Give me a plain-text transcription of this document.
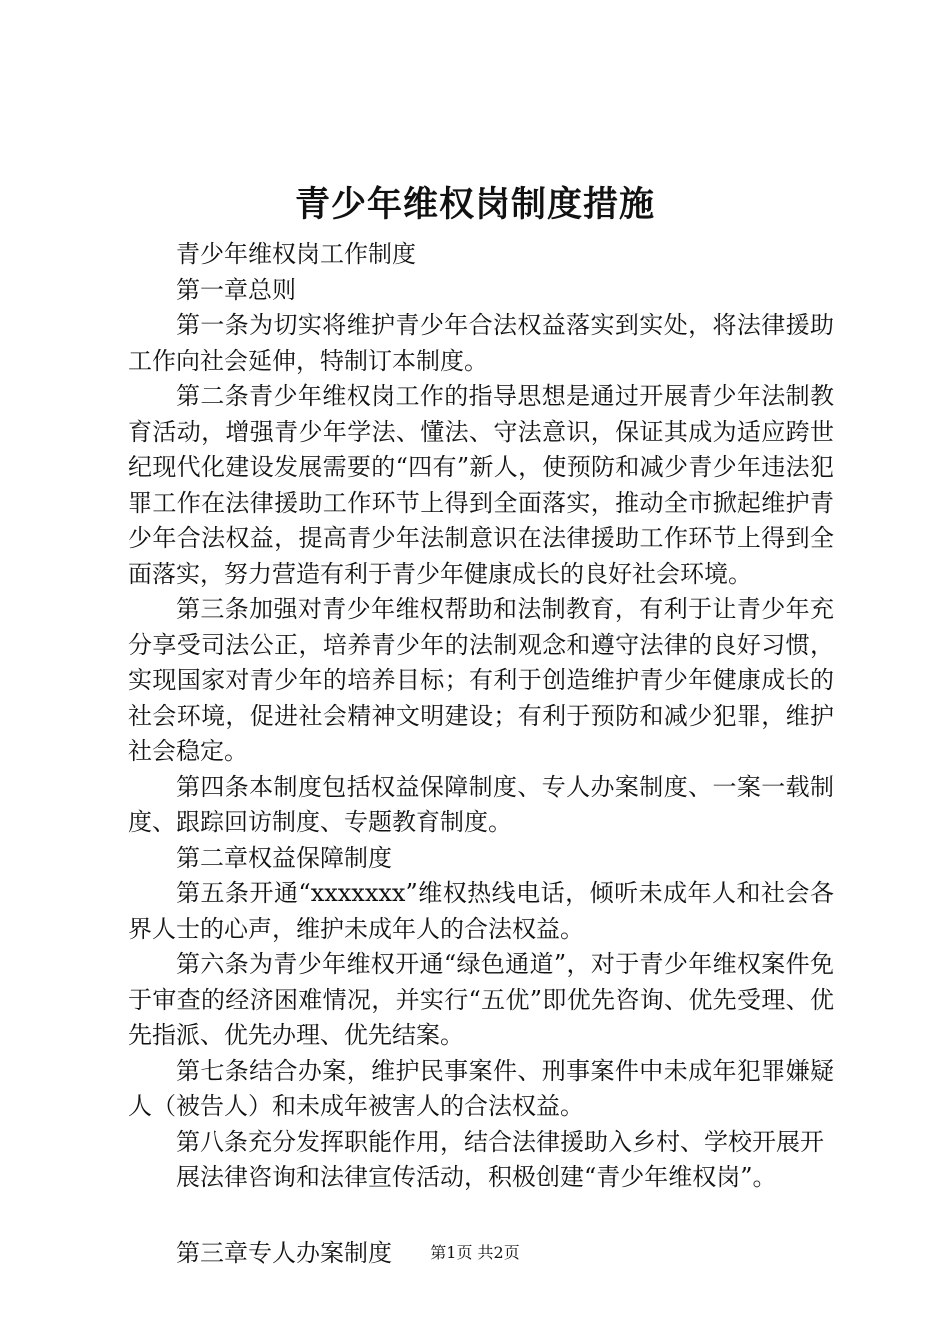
青少年维权岗制度措施

青少年维权岗工作制度

第一章总则

第一条为切实将维护青少年合法权益落实到实处，将法律援助工作向社会延伸，特制订本制度。

第二条青少年维权岗工作的指导思想是通过开展青少年法制教育活动，增强青少年学法、懂法、守法意识，保证其成为适应跨世纪现代化建设发展需要的“四有”新人，使预防和减少青少年违法犯罪工作在法律援助工作环节上得到全面落实，推动全市掀起维护青少年合法权益，提高青少年法制意识在法律援助工作环节上得到全面落实，努力营造有利于青少年健康成长的良好社会环境。

第三条加强对青少年维权帮助和法制教育，有利于让青少年充分享受司法公正，培养青少年的法制观念和遵守法律的良好习惯，实现国家对青少年的培养目标；有利于创造维护青少年健康成长的社会环境，促进社会精神文明建设；有利于预防和减少犯罪，维护社会稳定。

第四条本制度包括权益保障制度、专人办案制度、一案一载制度、跟踪回访制度、专题教育制度。

第二章权益保障制度

第五条开通“xxxxxxx”维权热线电话，倾听未成年人和社会各界人士的心声，维护未成年人的合法权益。

第六条为青少年维权开通“绿色通道”，对于青少年维权案件免于审查的经济困难情况，并实行“五优”即优先咨询、优先受理、优先指派、优先办理、优先结案。

第七条结合办案，维护民事案件、刑事案件中未成年犯罪嫌疑人（被告人）和未成年被害人的合法权益。

第八条充分发挥职能作用，结合法律援助入乡村、学校开展开

展法律咨询和法律宣传活动，积极创建“青少年维权岗”。

第三章专人办案制度	第1页 共2页
